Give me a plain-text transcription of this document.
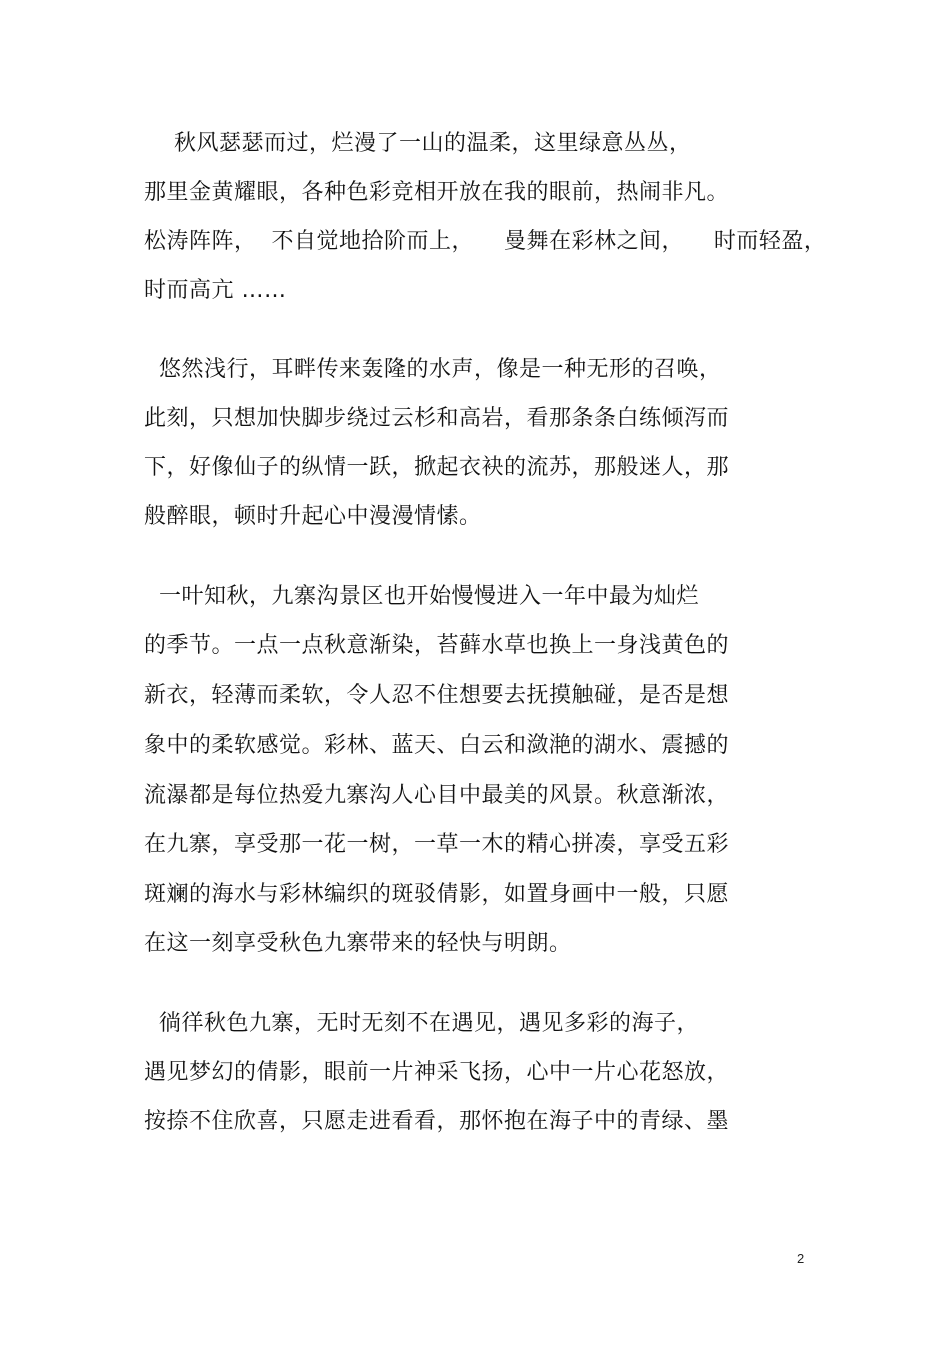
秋风瑟瑟而过，烂漫了一山的温柔，这里绿意丛丛，
那里金黄耀眼，各种色彩竞相开放在我的眼前，热闹非凡。
松涛阵阵，  不自觉地拾阶而上，    曼舞在彩林之间，    时而轻盈，
时而高亢 ……
悠然浅行，耳畔传来轰隆的水声，像是一种无形的召唤，
此刻，只想加快脚步绕过云杉和高岩，看那条条白练倾泻而
下，好像仙子的纵情一跃，掀起衣袂的流苏，那般迷人，那
般醉眼，顿时升起心中漫漫情愫。
一叶知秋，九寨沟景区也开始慢慢进入一年中最为灿烂
的季节。一点一点秋意渐染，苔藓水草也换上一身浅黄色的
新衣，轻薄而柔软，令人忍不住想要去抚摸触碰，是否是想
象中的柔软感觉。彩林、蓝天、白云和潋滟的湖水、震撼的
流瀑都是每位热爱九寨沟人心目中最美的风景。秋意渐浓，
在九寨，享受那一花一树，一草一木的精心拼凑，享受五彩
斑斓的海水与彩林编织的斑驳倩影，如置身画中一般，只愿
在这一刻享受秋色九寨带来的轻快与明朗。
徜徉秋色九寨，无时无刻不在遇见，遇见多彩的海子，
遇见梦幻的倩影，眼前一片神采飞扬，心中一片心花怒放，
按捺不住欣喜，只愿走进看看，那怀抱在海子中的青绿、墨
2
